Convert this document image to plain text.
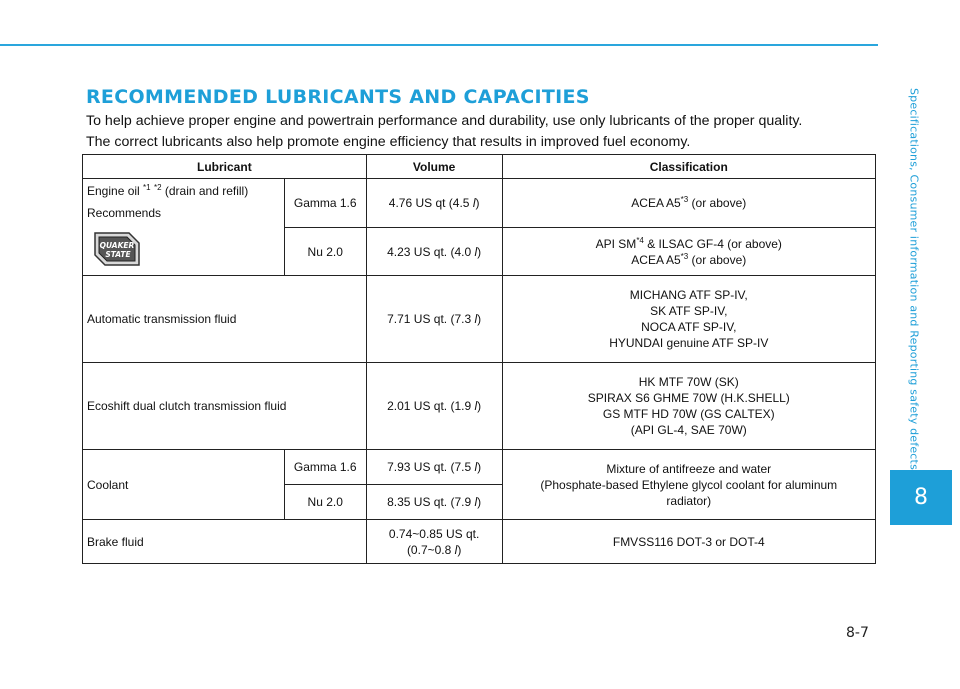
RECOMMENDED LUBRICANTS AND CAPACITIES

To help achieve proper engine and powertrain performance and durability, use only lubricants of the proper quality.

The correct lubricants also help promote engine efficiency that results in improved fuel economy.

Lubricant		Volume	Classification

Engine oil $^{*1}$ $^{*2}$ (drain and refill)
Recommends
QUAKER
STATE	Gamma 1.6	4.76 US qt (4.5 l)	ACEA A5$^{*3}$ (or above)
	Nu 2.0	4.23 US qt. (4.0 l)	API SM$^{*4}$ & ILSAC GF-4 (or above)
ACEA A5$^{*3}$ (or above)

Automatic transmission fluid		7.71 US qt. (7.3 l)	MICHANG ATF SP-IV,
SK ATF SP-IV,
NOCA ATF SP-IV,
HYUNDAI genuine ATF SP-IV

Ecoshift dual clutch transmission fluid		2.01 US qt. (1.9 l)	HK MTF 70W (SK)
SPIRAX S6 GHME 70W (H.K.SHELL)
GS MTF HD 70W (GS CALTEX)
(API GL-4, SAE 70W)

Coolant	Gamma 1.6	7.93 US qt. (7.5 l)	Mixture of antifreeze and water
(Phosphate-based Ethylene glycol coolant for aluminum
radiator)

	Nu 2.0	8.35 US qt. (7.9 l)	
Brake fluid		0.74~0.85 US qt.
(0.7~0.8 l)	FMVSS116 DOT-3 or DOT-4
Specifications, Consumer information and Reporting safety defects
8
8-7
